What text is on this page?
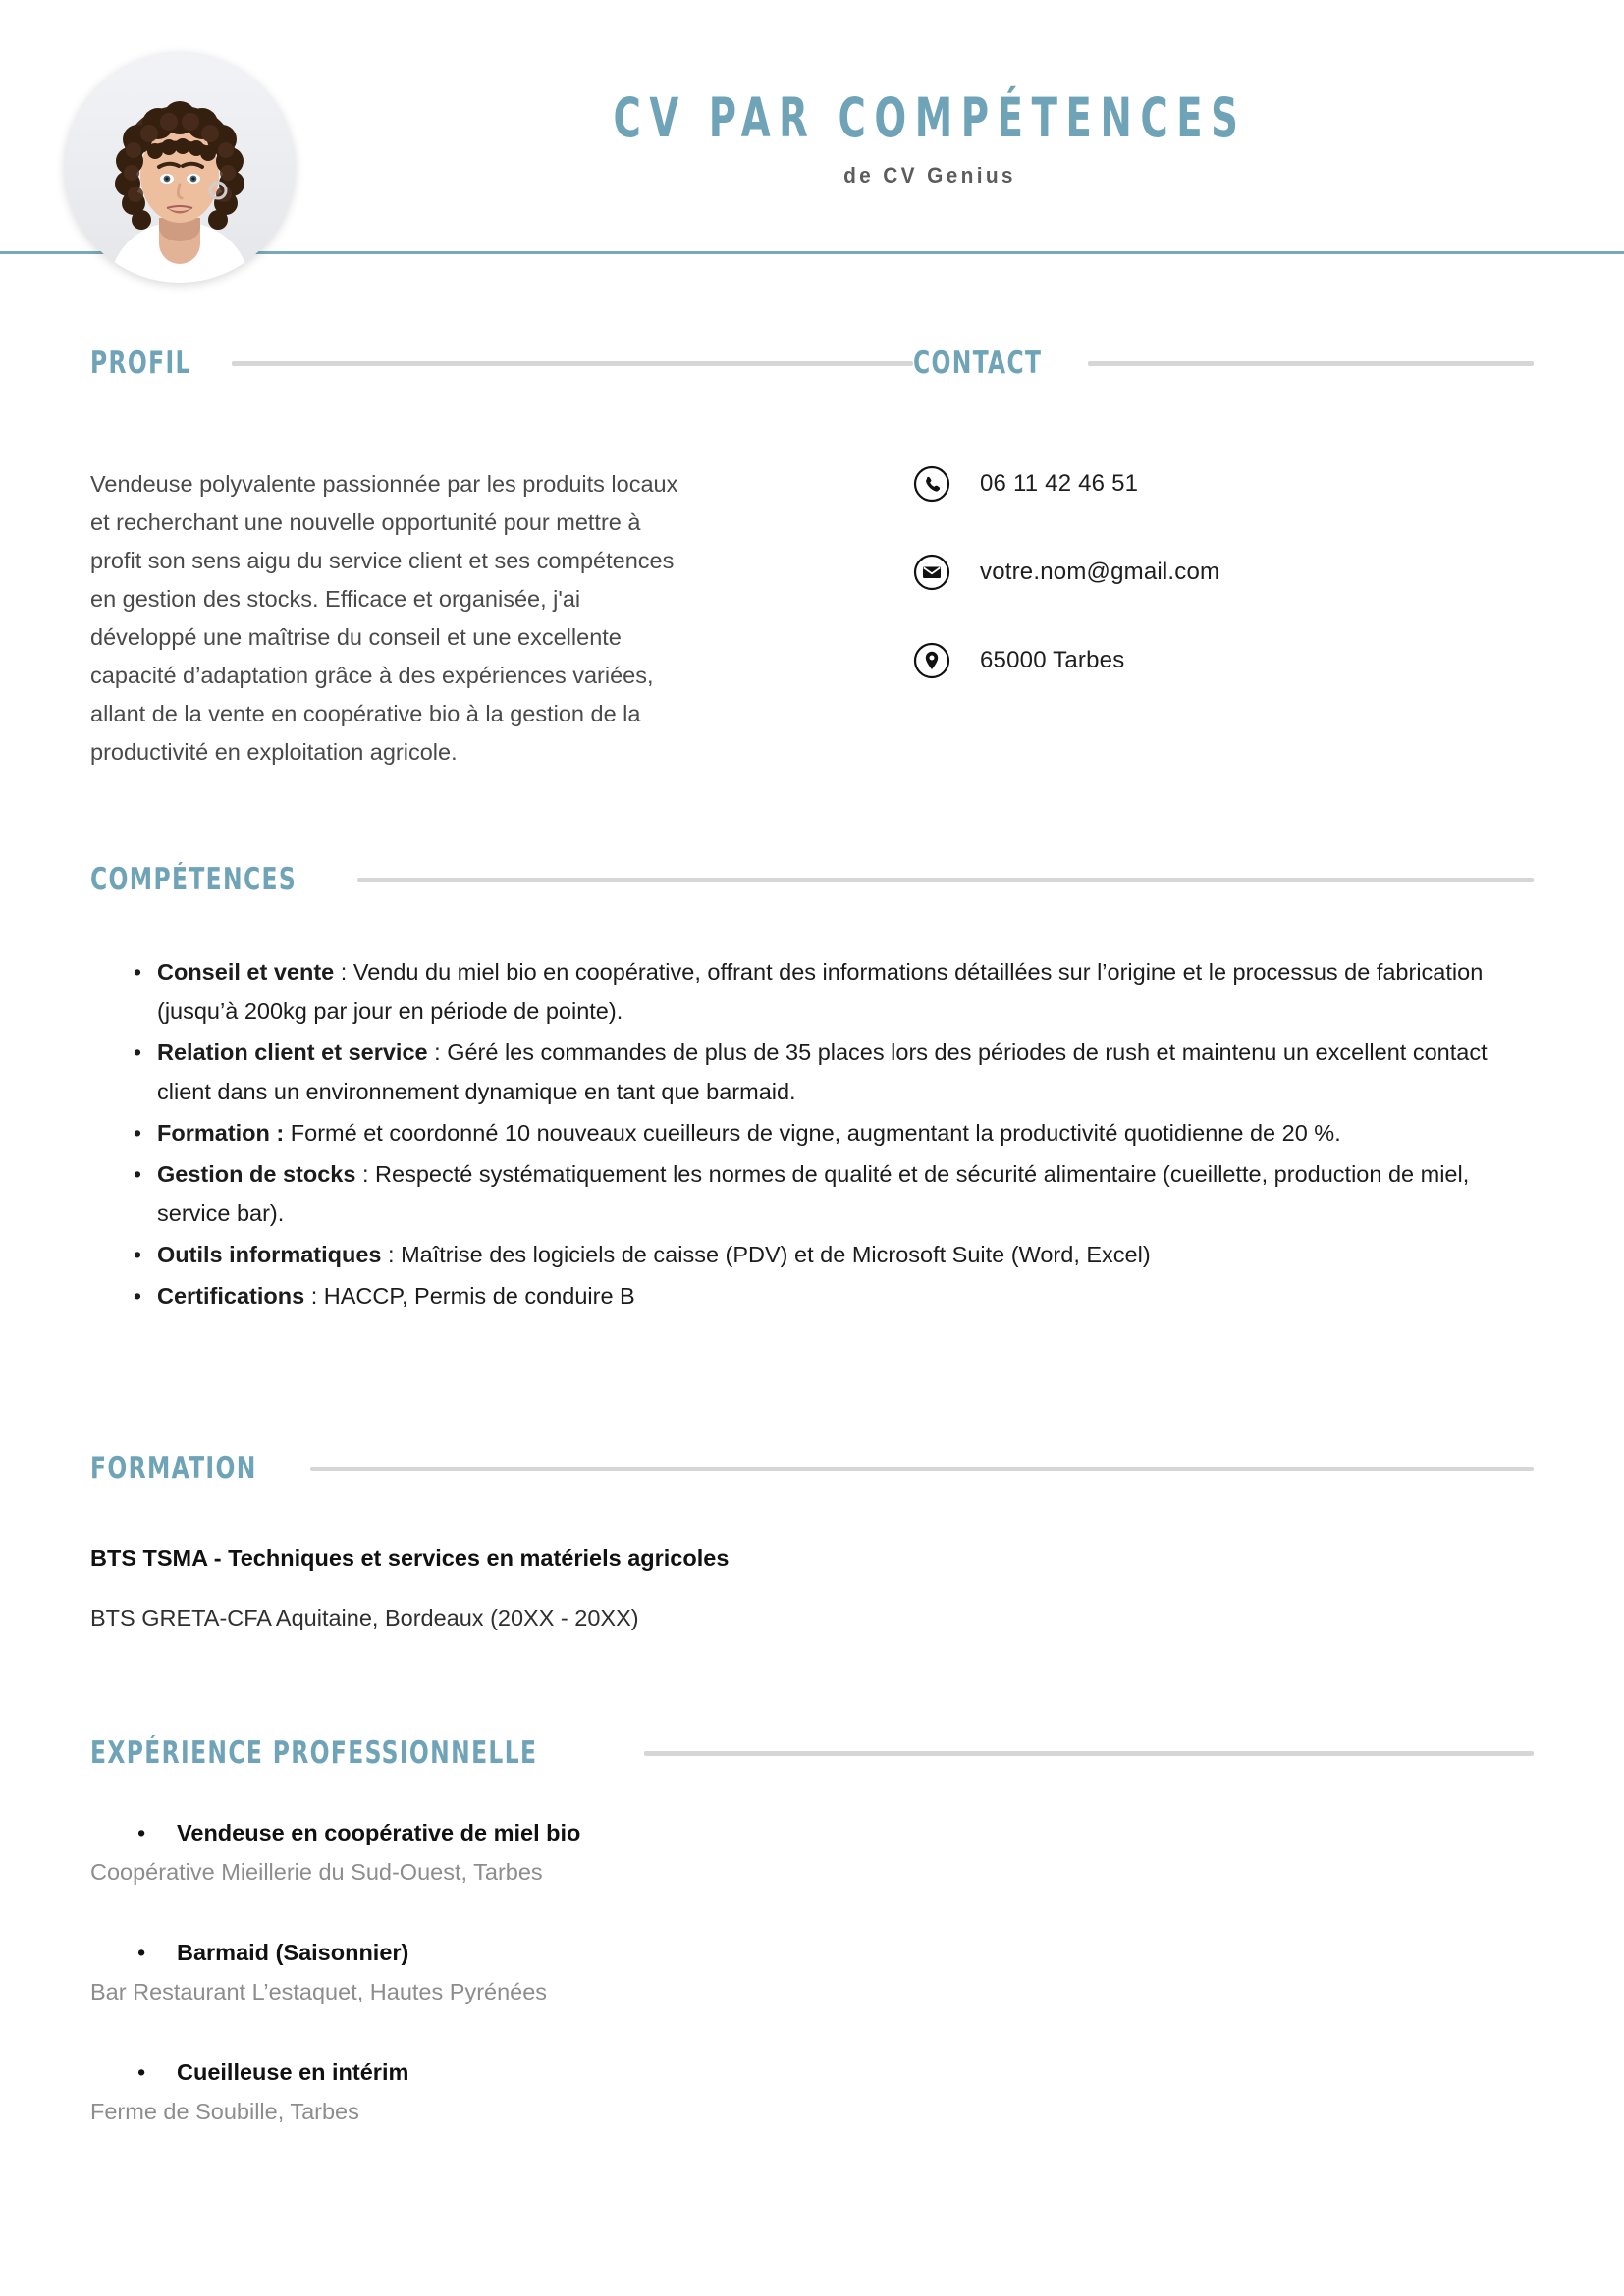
CV PAR COMPÉTENCES
de CV Genius
PROFIL

Vendeuse polyvalente passionnée par les produits locaux et recherchant une nouvelle opportunité pour mettre à profit son sens aigu du service client et ses compétences en gestion des stocks. Efficace et organisée, j'ai développé une maîtrise du conseil et une excellente capacité d’adaptation grâce à des expériences variées, allant de la vente en coopérative bio à la gestion de la productivité en exploitation agricole.

CONTACT
06 11 42 46 51
votre.nom@gmail.com
65000 Tarbes
COMPÉTENCES
• Conseil et vente : Vendu du miel bio en coopérative, offrant des informations détaillées sur l’origine et le processus de fabrication (jusqu’à 200kg par jour en période de pointe).
• Relation client et service : Géré les commandes de plus de 35 places lors des périodes de rush et maintenu un excellent contact client dans un environnement dynamique en tant que barmaid.
• Formation : Formé et coordonné 10 nouveaux cueilleurs de vigne, augmentant la productivité quotidienne de 20 %.
• Gestion de stocks : Respecté systématiquement les normes de qualité et de sécurité alimentaire (cueillette, production de miel, service bar).
• Outils informatiques : Maîtrise des logiciels de caisse (PDV) et de Microsoft Suite (Word, Excel)
• Certifications : HACCP, Permis de conduire B
FORMATION
BTS TSMA - Techniques et services en matériels agricoles
BTS GRETA-CFA Aquitaine, Bordeaux (20XX - 20XX)
EXPÉRIENCE PROFESSIONNELLE
• Vendeuse en coopérative de miel bio
Coopérative Mieillerie du Sud-Ouest, Tarbes
• Barmaid (Saisonnier)
Bar Restaurant L’estaquet, Hautes Pyrénées
• Cueilleuse en intérim
Ferme de Soubille, Tarbes
